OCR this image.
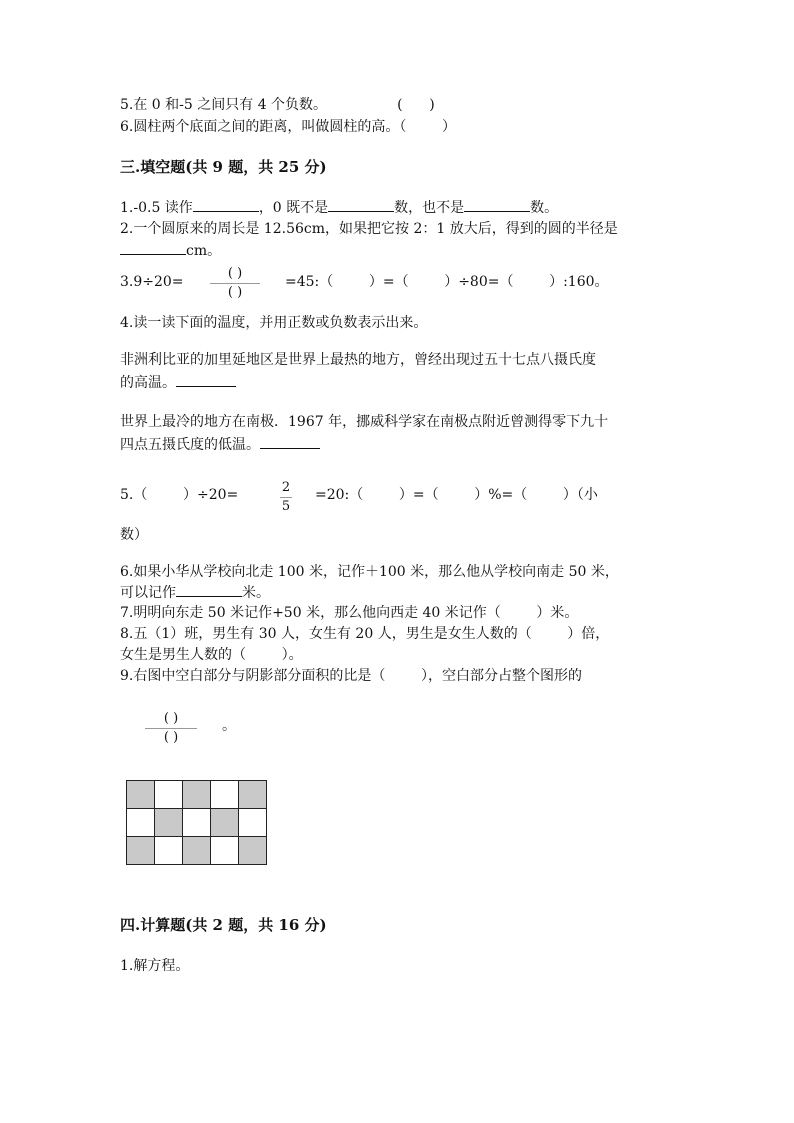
5.在 0 和-5 之间只有 4 个负数。	(      )
6.圆柱两个底面之间的距离，叫做圆柱的高。（        ）
三.填空题(共 9 题，共 25 分)
1.-0.5 读作	，0 既不是	数，也不是	数。
2.一个圆原来的周长是 12.56cm，如果把它按 2：1 放大后，得到的圆的半径是
cm。
3.9÷20=
( )
( )
=45:（        ）=（        ）÷80=（        ）:160。
4.读一读下面的温度，并用正数或负数表示出来。
非洲利比亚的加里延地区是世界上最热的地方，曾经出现过五十七点八摄氏度
的高温。
世界上最冷的地方在南极．1967 年，挪威科学家在南极点附近曾测得零下九十
四点五摄氏度的低温。
5.（        ）÷20=	2
5
=20:（        ）=（        ）%=（        ）（小
数）
6.如果小华从学校向北走 100 米，记作＋100 米，那么他从学校向南走 50 米，
可以记作	米。
7.明明向东走 50 米记作+50 米，那么他向西走 40 米记作（        ）米。
8.五（1）班，男生有 30 人，女生有 20 人，男生是女生人数的（        ）倍，
女生是男生人数的（        ）。
9.右图中空白部分与阴影部分面积的比是（        ），空白部分占整个图形的
( )
( )
。

四.计算题(共 2 题，共 16 分)
1.解方程。
